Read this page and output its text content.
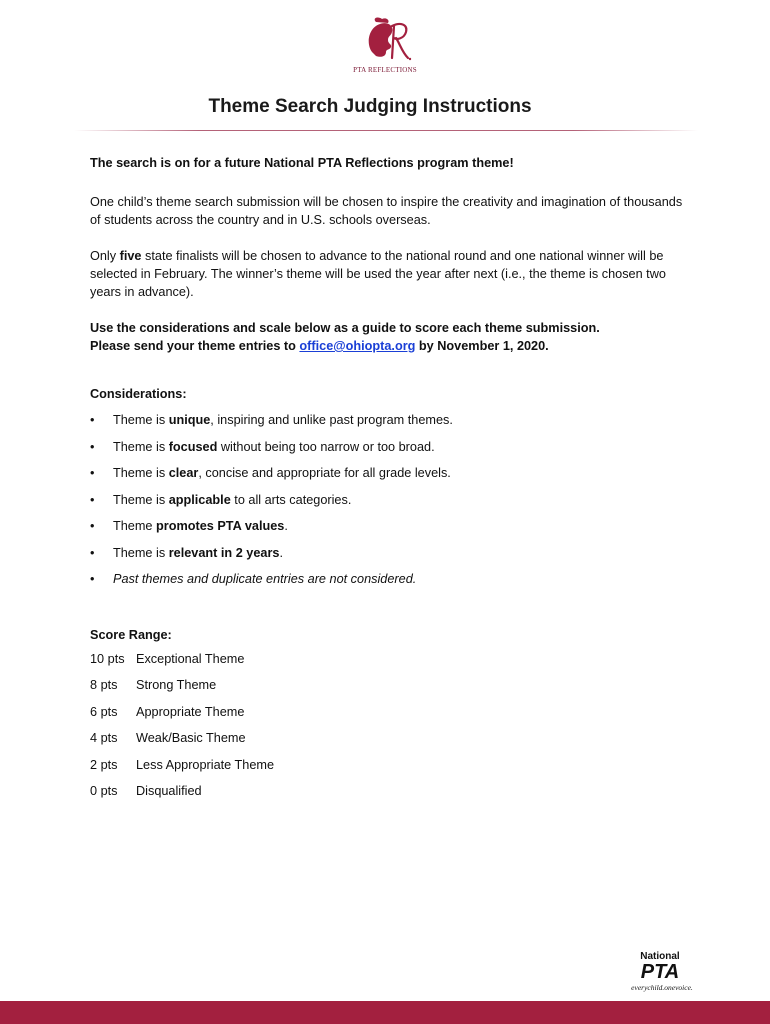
PTA REFLECTIONS
Theme Search Judging Instructions

The search is on for a future National PTA Reflections program theme!

One child’s theme search submission will be chosen to inspire the creativity and imagination of thousands of students across the country and in U.S. schools overseas.

Only five state finalists will be chosen to advance to the national round and one national winner will be selected in February. The winner’s theme will be used the year after next (i.e., the theme is chosen two years in advance).

Use the considerations and scale below as a guide to score each theme submission.

Please send your theme entries to office@ohiopta.org by November 1, 2020.

Considerations:

• Theme is unique, inspiring and unlike past program themes.
• Theme is focused without being too narrow or too broad.
• Theme is clear, concise and appropriate for all grade levels.
• Theme is applicable to all arts categories.
• Theme promotes PTA values.
• Theme is relevant in 2 years.
• Past themes and duplicate entries are not considered.

Score Range:

10 pts Exceptional Theme
8 pts	Strong Theme
6 pts	Appropriate Theme
4 pts	Weak/Basic Theme
2 pts	Less Appropriate Theme
0 pts	Disqualified
National
PTA
everychild.onevoice.
